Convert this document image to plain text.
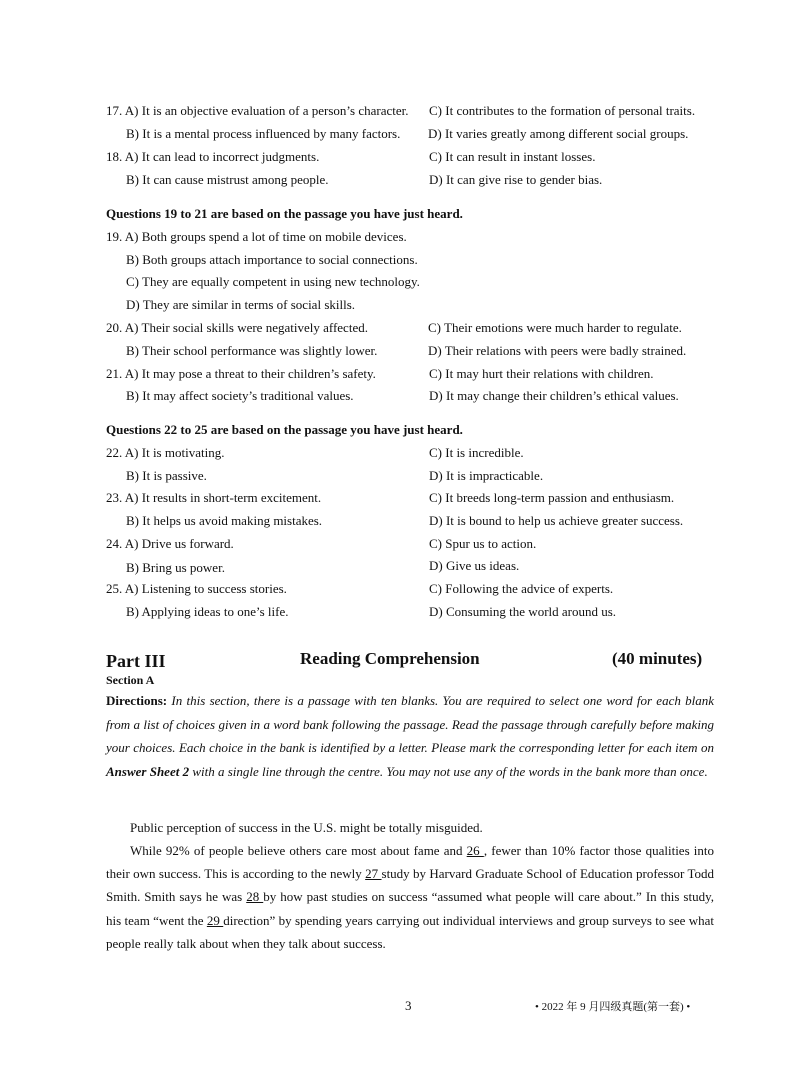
17. A) It is an objective evaluation of a person’s character. C) It contributes to the formation of personal traits.
B) It is a mental process influenced by many factors. D) It varies greatly among different social groups.
18. A) It can lead to incorrect judgments.	C) It can result in instant losses.
B) It can cause mistrust among people.	D) It can give rise to gender bias.
Questions 19 to 21 are based on the passage you have just heard.
19. A) Both groups spend a lot of time on mobile devices.
B) Both groups attach importance to social connections.
C) They are equally competent in using new technology.
D) They are similar in terms of social skills.
20. A) Their social skills were negatively affected.	C) Their emotions were much harder to regulate.
B) Their school performance was slightly lower.	D) Their relations with peers were badly strained.
21. A) It may pose a threat to their children’s safety.	C) It may hurt their relations with children.
B) It may affect society’s traditional values.	D) It may change their children’s ethical values.
Questions 22 to 25 are based on the passage you have just heard.
22. A) It is motivating.	C) It is incredible.
B) It is passive.	D) It is impracticable.
23. A) It results in short-term excitement.	C) It breeds long-term passion and enthusiasm.
B) It helps us avoid making mistakes.	D) It is bound to help us achieve greater success.
24. A) Drive us forward.	C) Spur us to action.
B) Bring us power.	D) Give us ideas.
25. A) Listening to success stories.	C) Following the advice of experts.
B) Applying ideas to one’s life.	D) Consuming the world around us.
Part III	Reading Comprehension	(40 minutes)
Section A
Directions: In this section, there is a passage with ten blanks. You are required to select one word for each blank from a list of choices given in a word bank following the passage. Read the passage through carefully before making your choices. Each choice in the bank is identified by a letter. Please mark the corresponding letter for each item on Answer Sheet 2 with a single line through the centre. You may not use any of the words in the bank more than once.
Public perception of success in the U.S. might be totally misguided.
While 92% of people believe others care most about fame and 26 , fewer than 10% factor those qualities into their own success. This is according to the newly 27 study by Harvard Graduate School of Education professor Todd Smith. Smith says he was 28 by how past studies on success “assumed what people will care about.” In this study, his team “went the 29 direction” by spending years carrying out individual interviews and group surveys to see what people really talk about when they talk about success.
3	• 2022 年 9 月四级真题(第一套) •
